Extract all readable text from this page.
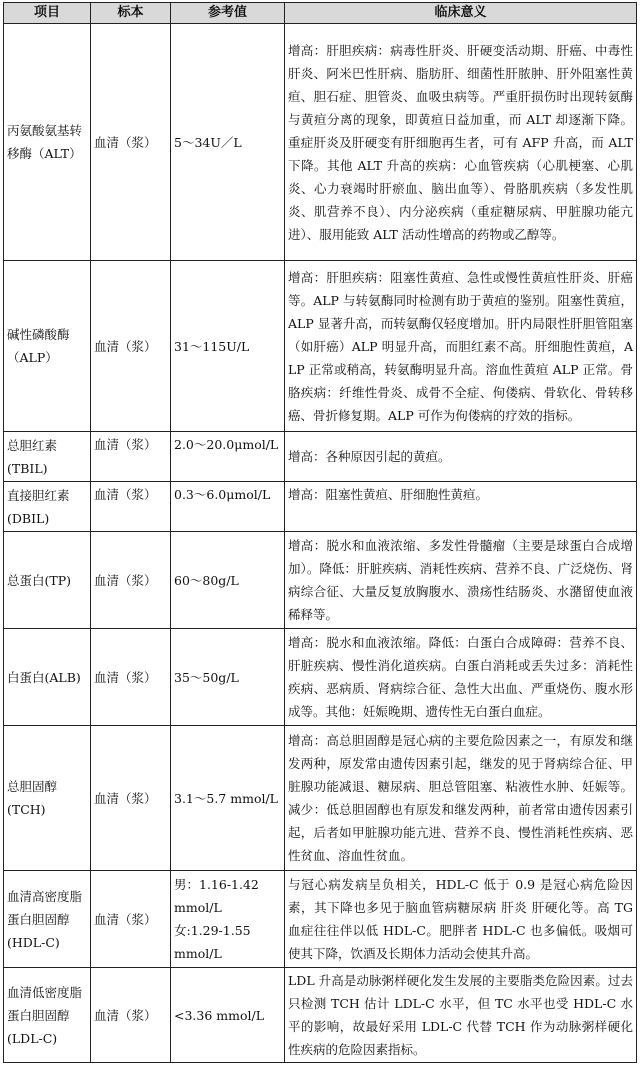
项目	标本	参考值	临床意义

丙氨酸氨基转
移酶（ALT）	血清（浆）	5～34U／L	增高：肝胆疾病：病毒性肝炎、肝硬变活动期、肝癌、中毒性肝炎、阿米巴性肝病、脂肪肝、细菌性肝脓肿、肝外阻塞性黄疸、胆石症、胆管炎、血吸虫病等。严重肝损伤时出现转氨酶与黄疸分离的现象，即黄疸日益加重，而 ALT 却逐渐下降。重症肝炎及肝硬变有肝细胞再生者，可有 AFP 升高，而 ALT 下降。其他 ALT 升高的疾病：心血管疾病（心肌梗塞、心肌炎、心力衰竭时肝瘀血、脑出血等）、骨胳肌疾病（多发性肌炎、肌营养不良）、内分泌疾病（重症糖尿病、甲脏腺功能亢进）、服用能致 ALT 活动性增高的药物或乙醇等。

碱性磷酸酶
（ALP）	血清（浆）	31～115U/L	增高：肝胆疾病：阻塞性黄疸、急性或慢性黄疸性肝炎、肝癌等。ALP 与转氨酶同时检测有助于黄疸的鉴别。阻塞性黄疸，ALP 显著升高，而转氨酶仅轻度增加。肝内局限性肝胆管阻塞（如肝癌）ALP 明显升高，而胆红素不高。肝细胞性黄疸，ALP 正常或稍高，转氨酶明显升高。溶血性黄疸 ALP 正常。骨胳疾病：纤维性骨炎、成骨不全症、佝偻病、骨软化、骨转移癌、骨折修复期。ALP 可作为佝偻病的疗效的指标。

总胆红素
(TBIL)	血清（浆）	2.0～20.0μmol/L	增高：各种原因引起的黄疸。

直接胆红素
(DBIL)	血清（浆）	0.3～6.0μmol/L	增高：阻塞性黄疸、肝细胞性黄疸。

总蛋白(TP)	血清（浆）	60～80g/L	增高：脱水和血液浓缩、多发性骨髓瘤（主要是球蛋白合成增加）。降低：肝脏疾病、消耗性疾病、营养不良、广泛烧伤、肾病综合征、大量反复放胸腹水、溃疡性结肠炎、水潴留使血液稀释等。

白蛋白(ALB)	血清（浆）	35～50g/L	增高：脱水和血液浓缩。降低：白蛋白合成障碍：营养不良、肝脏疾病、慢性消化道疾病。白蛋白消耗或丢失过多：消耗性疾病、恶病质、肾病综合征、急性大出血、严重烧伤、腹水形成等。其他：妊娠晚期、遗传性无白蛋白血症。

总胆固醇
(TCH)	血清（浆）	3.1～5.7 mmol/L	增高：高总胆固醇是冠心病的主要危险因素之一，有原发和继发两种，原发常由遗传因素引起，继发的见于肾病综合征、甲脏腺功能减退、糖尿病、胆总管阻塞、粘液性水肿、妊娠等。减少：低总胆固醇也有原发和继发两种，前者常由遗传因素引起，后者如甲脏腺功能亢进、营养不良、慢性消耗性疾病、恶性贫血、溶血性贫血。

血清高密度脂
蛋白胆固醇
(HDL-C)	血清（浆）	男：1.16-1.42
mmol/L
女:1.29-1.55
mmol/L	与冠心病发病呈负相关，HDL-C 低于 0.9 是冠心病危险因素，其下降也多见于脑血管病糖尿病 肝炎 肝硬化等。高 TG 血症往往伴以低 HDL-C。肥胖者 HDL-C 也多偏低。吸烟可使其下降，饮酒及长期体力活动会使其升高。

血清低密度脂
蛋白胆固醇
(LDL-C)	血清（浆）	<3.36 mmol/L	LDL 升高是动脉粥样硬化发生发展的主要脂类危险因素。过去只检测 TCH 估计 LDL-C 水平，但 TC 水平也受 HDL-C 水平的影响，故最好采用 LDL-C 代替 TCH 作为动脉粥样硬化性疾病的危险因素指标。
